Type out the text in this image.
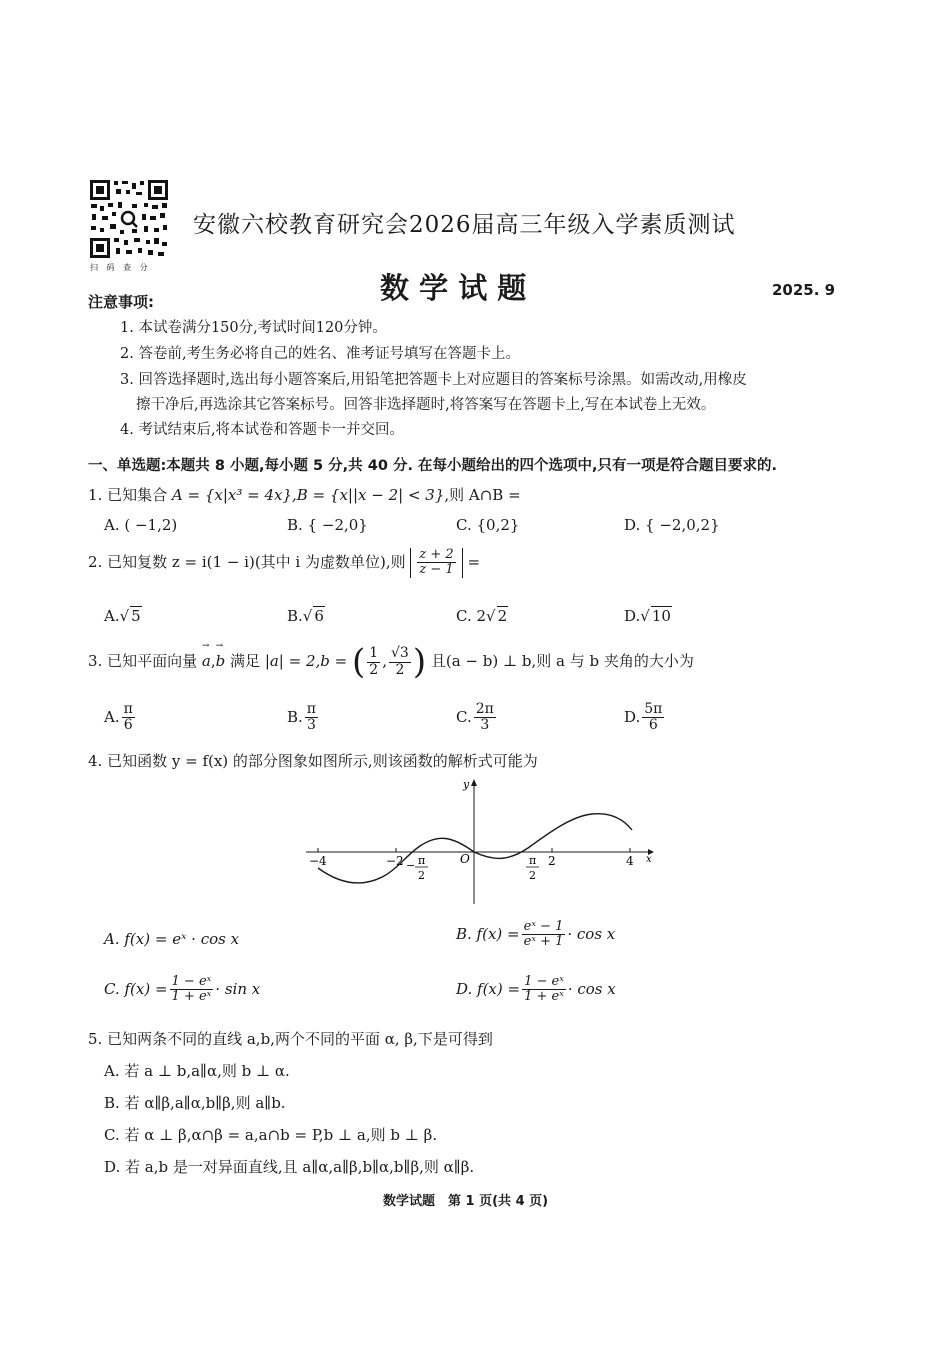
扫 码 查 分
安徽六校教育研究会2026届高三年级入学素质测试
数 学 试 题	2025. 9
注意事项:
1. 本试卷满分150分,考试时间120分钟。
2. 答卷前,考生务必将自己的姓名、准考证号填写在答题卡上。
3. 回答选择题时,选出每小题答案后,用铅笔把答题卡上对应题目的答案标号涂黑。如需改动,用橡皮
擦干净后,再选涂其它答案标号。回答非选择题时,将答案写在答题卡上,写在本试卷上无效。
4. 考试结束后,将本试卷和答题卡一并交回。
一、单选题:本题共 8 小题,每小题 5 分,共 40 分. 在每小题给出的四个选项中,只有一项是符合题目要求的.
1. 已知集合 A = {x|x³ = 4x},B = {x||x − 2| < 3},则 A∩B =
A. ( −1,2)	B. { −2,0}	C. {0,2}	D. { −2,0,2}
2. 已知复数 z = i(1 − i)(其中 i 为虚数单位),则 $\frac{z + 2}{z - 1}$ =
A.√ 5	B.√ 6	C. 2√ 2	D.√ 10
3. 已知平面向量 → a,→ b 满足 |a| = 2,b = ( $\frac{1}{2}$ , $\frac{√3}{2}$ ) 且(a − b) ⊥ b,则 a 与 b 夹角的大小为
A. $\frac{\pi}{6}$	B. $\frac{\pi}{3}$	C. $\frac{2\pi}{3}$	D. $\frac{5\pi}{6}$
4. 已知函数 y = f(x) 的部分图象如图所示,则该函数的解析式可能为
y
x
O
−4	−2	2	4
− π
2
π
2
A. f(x) = eˣ · cos x	B. $f(x) = \frac{\text{eˣ − 1}}{\text{eˣ + 1}} \cdot \cos x$
C. $f(x) = \frac{\text{1 − eˣ}}{\text{1 + eˣ}} \cdot \sin x$	D. $f(x) = \frac{\text{1 − eˣ}}{\text{1 + eˣ}} \cdot \cos x$
5. 已知两条不同的直线 a,b,两个不同的平面 α, β,下是可得到
A. 若 a ⊥ b,a∥α,则 b ⊥ α.
B. 若 α∥β,a∥α,b∥β,则 a∥b.
C. 若 α ⊥ β,α∩β = a,a∩b = P,b ⊥ a,则 b ⊥ β.
D. 若 a,b 是一对异面直线,且 a∥α,a∥β,b∥α,b∥β,则 α∥β.
数学试题　第 1 页(共 4 页)
